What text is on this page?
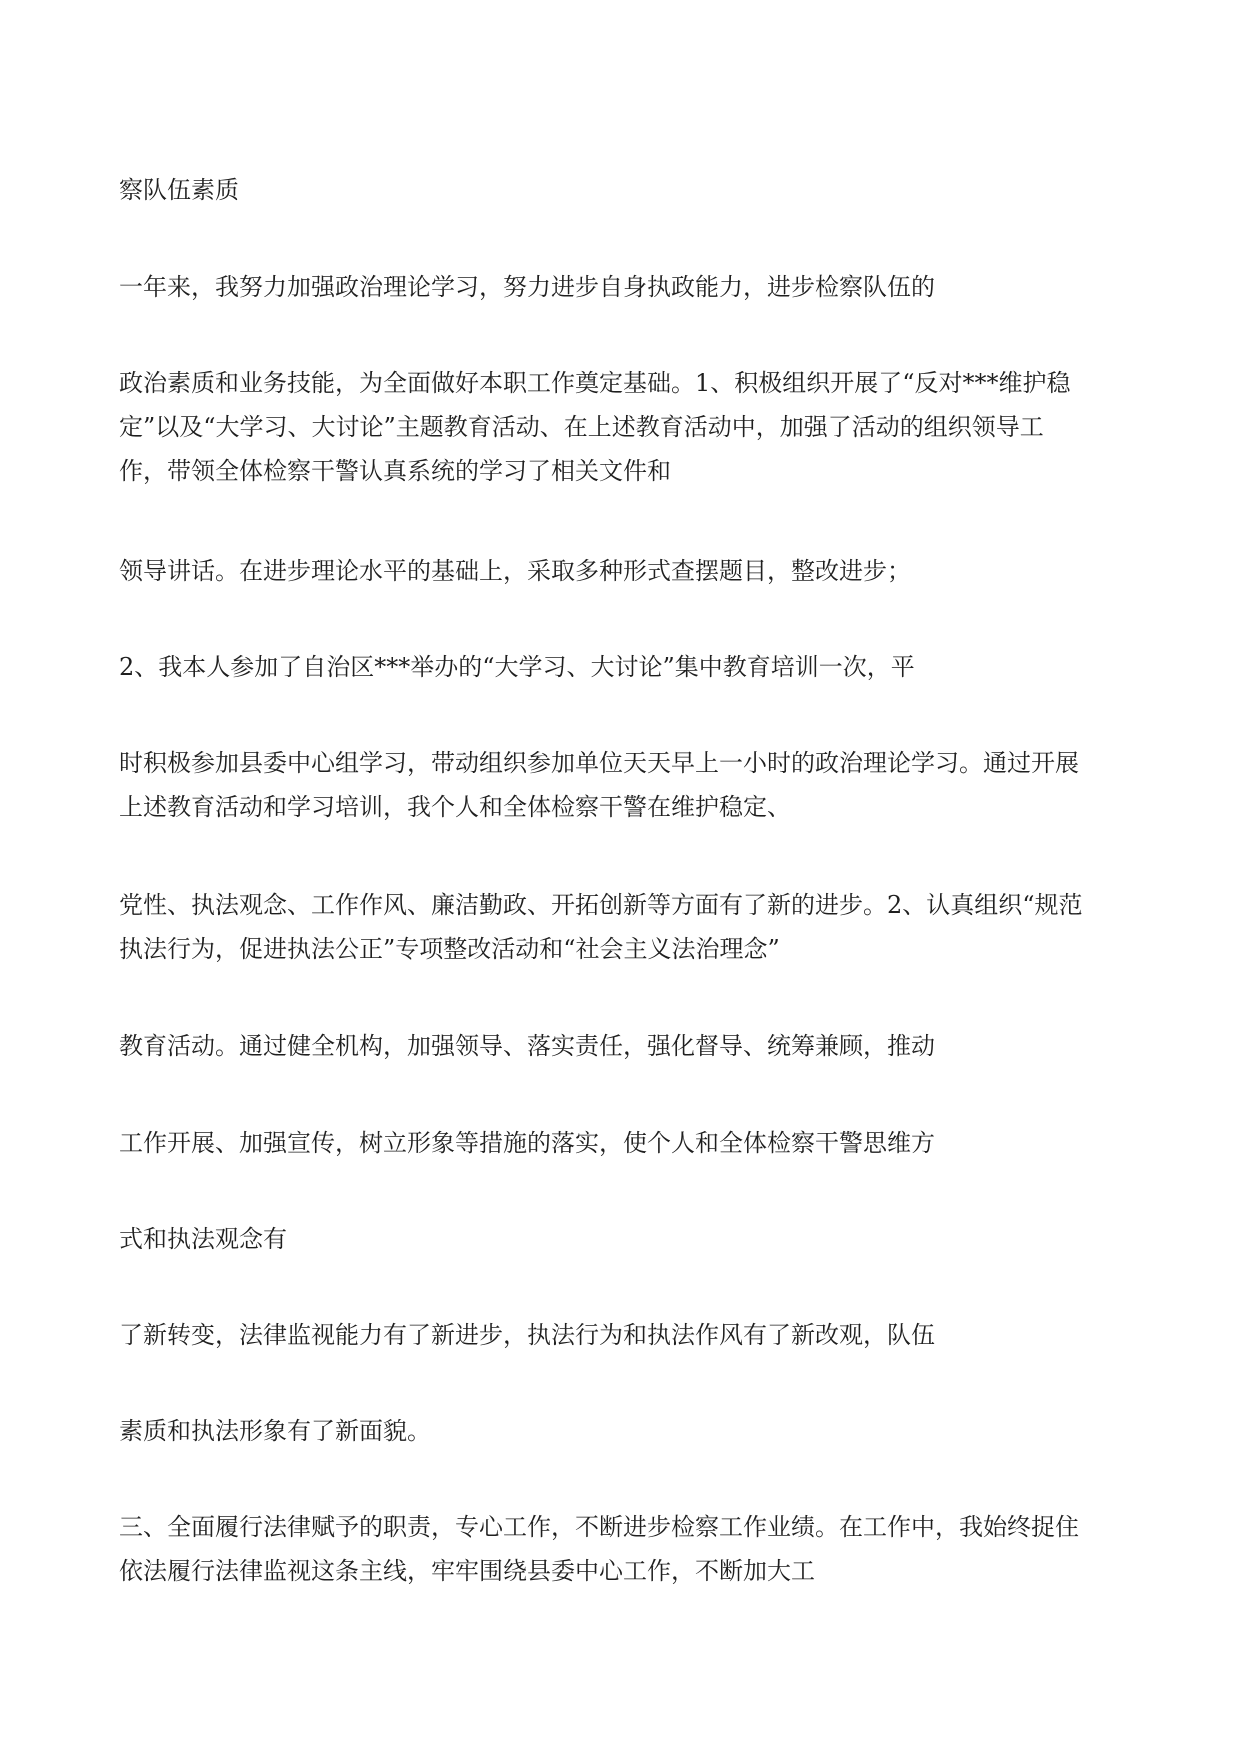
察队伍素质

一年来，我努力加强政治理论学习，努力进步自身执政能力，进步检察队伍的

政治素质和业务技能，为全面做好本职工作奠定基础。1、积极组织开展了“反对***维护稳
定”以及“大学习、大讨论”主题教育活动、在上述教育活动中，加强了活动的组织领导工
作，带领全体检察干警认真系统的学习了相关文件和

领导讲话。在进步理论水平的基础上，采取多种形式查摆题目，整改进步；

2、我本人参加了自治区***举办的“大学习、大讨论”集中教育培训一次，平

时积极参加县委中心组学习，带动组织参加单位天天早上一小时的政治理论学习。通过开展
上述教育活动和学习培训，我个人和全体检察干警在维护稳定、

党性、执法观念、工作作风、廉洁勤政、开拓创新等方面有了新的进步。2、认真组织“规范
执法行为，促进执法公正”专项整改活动和“社会主义法治理念”

教育活动。通过健全机构，加强领导、落实责任，强化督导、统筹兼顾，推动

工作开展、加强宣传，树立形象等措施的落实，使个人和全体检察干警思维方

式和执法观念有

了新转变，法律监视能力有了新进步，执法行为和执法作风有了新改观，队伍

素质和执法形象有了新面貌。

三、全面履行法律赋予的职责，专心工作，不断进步检察工作业绩。在工作中，我始终捉住
依法履行法律监视这条主线，牢牢围绕县委中心工作，不断加大工
